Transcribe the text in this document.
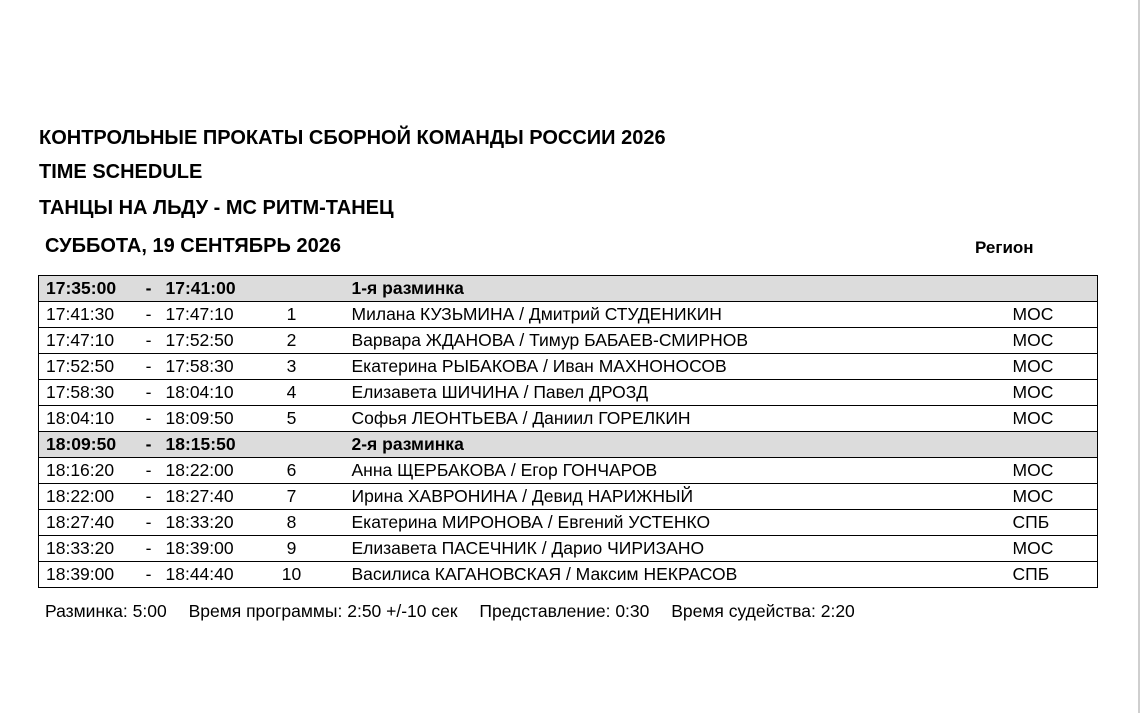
КОНТРОЛЬНЫЕ ПРОКАТЫ СБОРНОЙ КОМАНДЫ РОССИИ 2026
TIME SCHEDULE
ТАНЦЫ НА ЛЬДУ - МС РИТМ-ТАНЕЦ
СУББОТА, 19 СЕНТЯБРЬ 2026	Регион
17:35:00	-	17:41:00		1-я разминка	
17:41:30	-	17:47:10	1	Милана КУЗЬМИНА / Дмитрий СТУДЕНИКИН	МОС
17:47:10	-	17:52:50	2	Варвара ЖДАНОВА / Тимур БАБАЕВ-СМИРНОВ	МОС
17:52:50	-	17:58:30	3	Екатерина РЫБАКОВА / Иван МАХНОНОСОВ	МОС
17:58:30	-	18:04:10	4	Елизавета ШИЧИНА / Павел ДРОЗД	МОС
18:04:10	-	18:09:50	5	Софья ЛЕОНТЬЕВА / Даниил ГОРЕЛКИН	МОС
18:09:50	-	18:15:50		2-я разминка	
18:16:20	-	18:22:00	6	Анна ЩЕРБАКОВА / Егор ГОНЧАРОВ	МОС
18:22:00	-	18:27:40	7	Ирина ХАВРОНИНА / Девид НАРИЖНЫЙ	МОС
18:27:40	-	18:33:20	8	Екатерина МИРОНОВА / Евгений УСТЕНКО	СПБ
18:33:20	-	18:39:00	9	Елизавета ПАСЕЧНИК / Дарио ЧИРИЗАНО	МОС
18:39:00	-	18:44:40	10	Василиса КАГАНОВСКАЯ / Максим НЕКРАСОВ	СПБ
Разминка: 5:00 Время программы: 2:50 +/-10 сек Представление: 0:30 Время судейства: 2:20
